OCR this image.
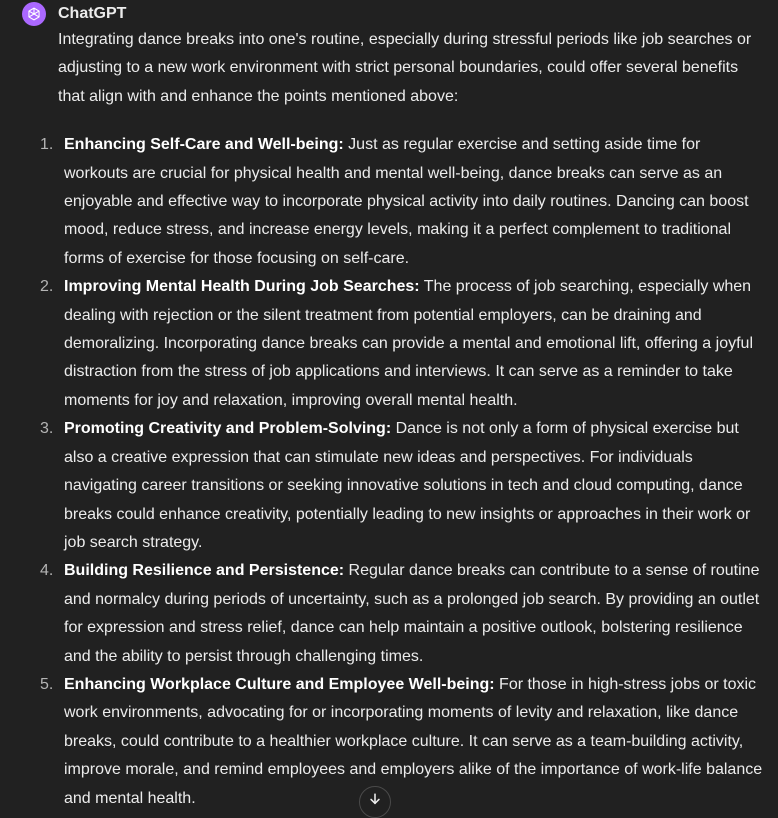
ChatGPT

Integrating dance breaks into one's routine, especially during stressful periods like job searches or adjusting to a new work environment with strict personal boundaries, could offer several benefits that align with and enhance the points mentioned above:

1. Enhancing Self-Care and Well-being: Just as regular exercise and setting aside time for workouts are crucial for physical health and mental well-being, dance breaks can serve as an enjoyable and effective way to incorporate physical activity into daily routines. Dancing can boost mood, reduce stress, and increase energy levels, making it a perfect complement to traditional forms of exercise for those focusing on self-care.
2. Improving Mental Health During Job Searches: The process of job searching, especially when dealing with rejection or the silent treatment from potential employers, can be draining and demoralizing. Incorporating dance breaks can provide a mental and emotional lift, offering a joyful distraction from the stress of job applications and interviews. It can serve as a reminder to take moments for joy and relaxation, improving overall mental health.
3. Promoting Creativity and Problem-Solving: Dance is not only a form of physical exercise but also a creative expression that can stimulate new ideas and perspectives. For individuals navigating career transitions or seeking innovative solutions in tech and cloud computing, dance breaks could enhance creativity, potentially leading to new insights or approaches in their work or job search strategy.
4. Building Resilience and Persistence: Regular dance breaks can contribute to a sense of routine and normalcy during periods of uncertainty, such as a prolonged job search. By providing an outlet for expression and stress relief, dance can help maintain a positive outlook, bolstering resilience and the ability to persist through challenging times.
5. Enhancing Workplace Culture and Employee Well-being: For those in high-stress jobs or toxic work environments, advocating for or incorporating moments of levity and relaxation, like dance breaks, could contribute to a healthier workplace culture. It can serve as a team-building activity, improve morale, and remind employees and employers alike of the importance of work-life balance and mental health.
